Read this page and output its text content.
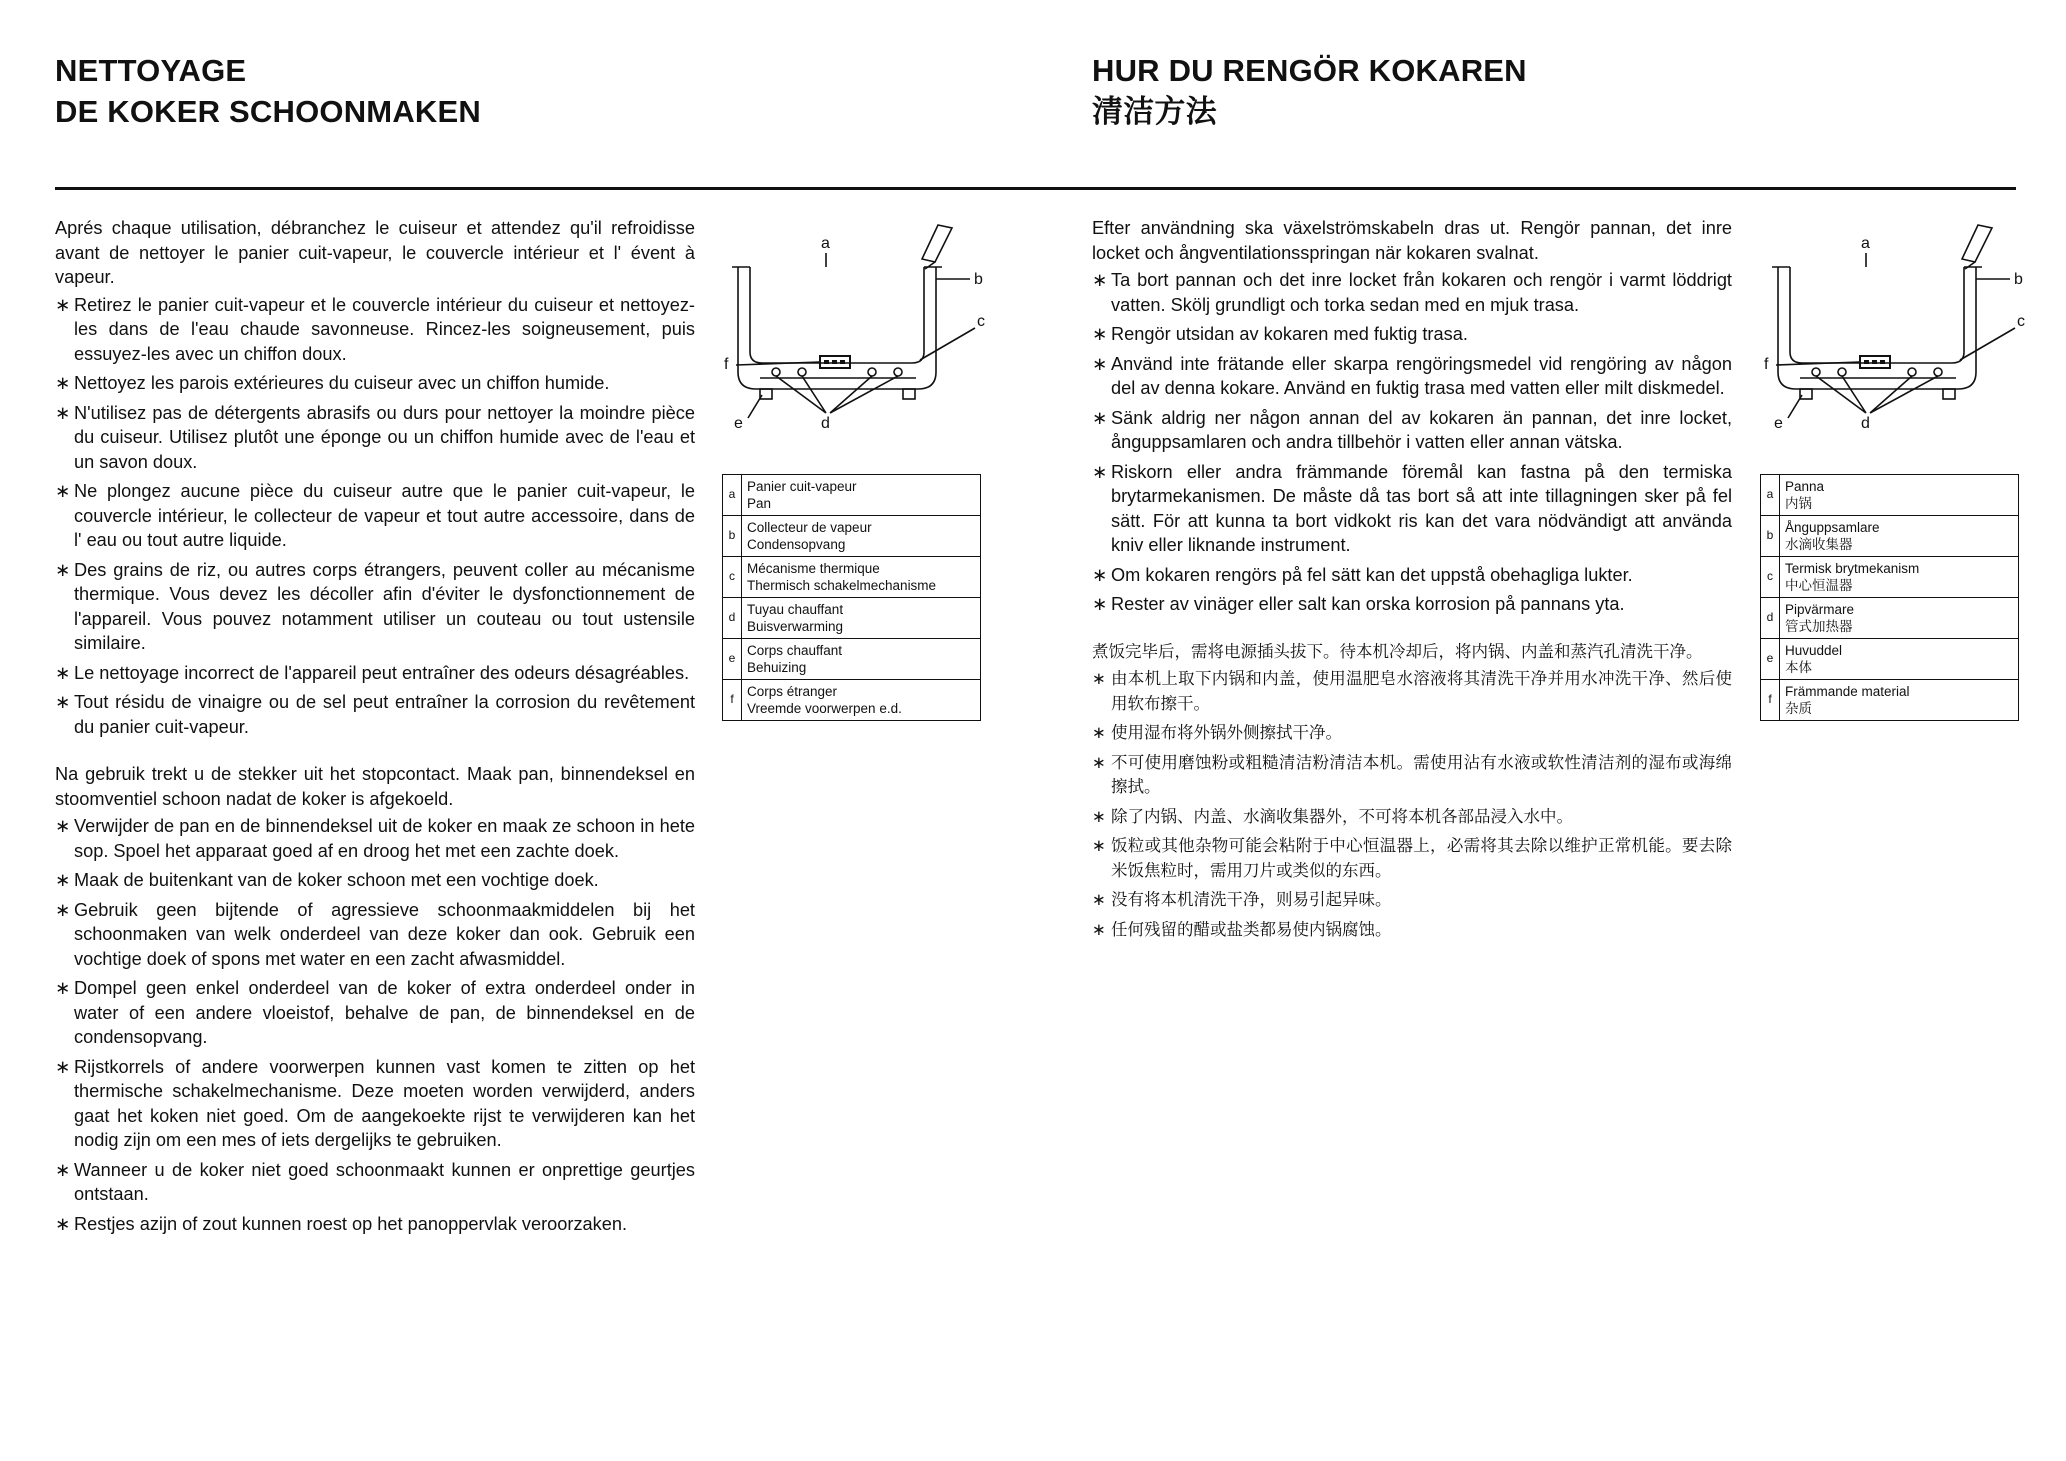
NETTOYAGE
DE KOKER SCHOONMAKEN
HUR DU RENGÖR KOKAREN
清洁方法

Aprés chaque utilisation, débranchez le cuiseur et attendez qu'il refroidisse avant de nettoyer le panier cuit-vapeur, le couvercle intérieur et l' évent à vapeur.

∗ Retirez le panier cuit-vapeur et le couvercle intérieur du cuiseur et nettoyez-les dans de l'eau chaude savonneuse. Rincez-les soigneusement, puis essuyez-les avec un chiffon doux.
∗ Nettoyez les parois extérieures du cuiseur avec un chiffon humide.
∗ N'utilisez pas de détergents abrasifs ou durs pour nettoyer la moindre pièce du cuiseur. Utilisez plutôt une éponge ou un chiffon humide avec de l'eau et un savon doux.
∗ Ne plongez aucune pièce du cuiseur autre que le panier cuit-vapeur, le couvercle intérieur, le collecteur de vapeur et tout autre accessoire, dans de l' eau ou tout autre liquide.
∗ Des grains de riz, ou autres corps étrangers, peuvent coller au mécanisme thermique. Vous devez les décoller afin d'éviter le dysfonctionnement de l'appareil. Vous pouvez notamment utiliser un couteau ou tout ustensile similaire.
∗ Le nettoyage incorrect de l'appareil peut entraîner des odeurs désagréables.
∗ Tout résidu de vinaigre ou de sel peut entraîner la corrosion du revêtement du panier cuit-vapeur.

Na gebruik trekt u de stekker uit het stopcontact. Maak pan, binnendeksel en stoomventiel schoon nadat de koker is afgekoeld.

∗ Verwijder de pan en de binnendeksel uit de koker en maak ze schoon in hete sop. Spoel het apparaat goed af en droog het met een zachte doek.
∗ Maak de buitenkant van de koker schoon met een vochtige doek.
∗ Gebruik geen bijtende of agressieve schoonmaakmiddelen bij het schoonmaken van welk onderdeel van deze koker dan ook. Gebruik een vochtige doek of spons met water en een zacht afwasmiddel.
∗ Dompel geen enkel onderdeel van de koker of extra onderdeel onder in water of een andere vloeistof, behalve de pan, de binnendeksel en de condensopvang.
∗ Rijstkorrels of andere voorwerpen kunnen vast komen te zitten op het thermische schakelmechanisme. Deze moeten worden verwijderd, anders gaat het koken niet goed. Om de aangekoekte rijst te verwijderen kan het nodig zijn om een mes of iets dergelijks te gebruiken.
∗ Wanneer u de koker niet goed schoonmaakt kunnen er onprettige geurtjes ontstaan.
∗ Restjes azijn of zout kunnen roest op het panoppervlak veroorzaken.

Efter användning ska växelströmskabeln dras ut. Rengör pannan, det inre locket och ångventilationsspringan när kokaren svalnat.

∗ Ta bort pannan och det inre locket från kokaren och rengör i varmt löddrigt vatten. Skölj grundligt och torka sedan med en mjuk trasa.
∗ Rengör utsidan av kokaren med fuktig trasa.
∗ Använd inte frätande eller skarpa rengöringsmedel vid rengöring av någon del av denna kokare. Använd en fuktig trasa med vatten eller milt diskmedel.
∗ Sänk aldrig ner någon annan del av kokaren än pannan, det inre locket, ånguppsamlaren och andra tillbehör i vatten eller annan vätska.
∗ Riskorn eller andra främmande föremål kan fastna på den termiska brytarmekanismen. De måste då tas bort så att inte tillagningen sker på fel sätt. För att kunna ta bort vidkokt ris kan det vara nödvändigt att använda kniv eller liknande instrument.
∗ Om kokaren rengörs på fel sätt kan det uppstå obehagliga lukter.
∗ Rester av vinäger eller salt kan orska korrosion på pannans yta.

煮饭完毕后，需将电源插头拔下。待本机冷却后，将内锅、内盖和蒸汽孔清洗干净。

∗ 由本机上取下内锅和内盖，使用温肥皂水溶液将其清洗干净并用水冲洗干净、然后使用软布擦干。
∗ 使用湿布将外锅外侧擦拭干净。
∗ 不可使用磨蚀粉或粗糙清洁粉清洁本机。需使用沾有水液或软性清洁剂的湿布或海绵擦拭。
∗ 除了内锅、内盖、水滴收集器外，不可将本机各部品浸入水中。
∗ 饭粒或其他杂物可能会粘附于中心恒温器上，必需将其去除以维护正常机能。要去除米饭焦粒时，需用刀片或类似的东西。
∗ 没有将本机清洗干净，则易引起异味。
∗ 任何残留的醋或盐类都易使内锅腐蚀。
a
b
c
d
e
f
a
b
c
d
e
f
a	Panier cuit-vapeur
Pan

b	Collecteur de vapeur
Condensopvang

c	Mécanisme thermique
Thermisch schakelmechanisme

d	Tuyau chauffant
Buisverwarming

e	Corps chauffant
Behuizing

f	Corps étranger
Vreemde voorwerpen e.d.
a	Panna
内锅

b	Ånguppsamlare
水滴收集器

c	Termisk brytmekanism
中心恒温器

d	Pipvärmare
管式加热器

e	Huvuddel
本体

f	Främmande material
杂质
